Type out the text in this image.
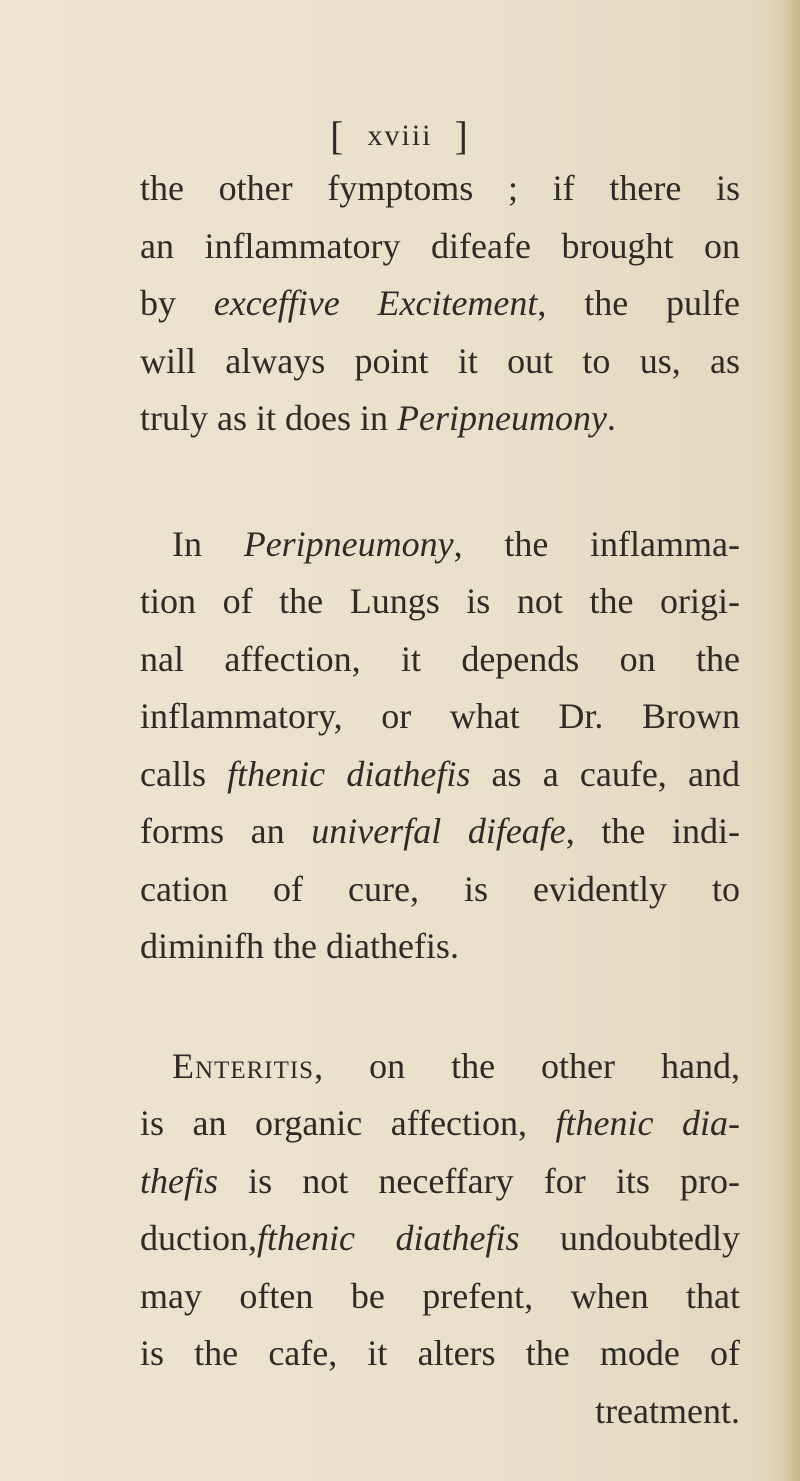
[ xviii ]
the other fymptoms ; if there is
an inflammatory difeafe brought on
by exceffive Excitement, the pulfe
will always point it out to us, as
truly as it does in Peripneumony.
In Peripneumony, the inflamma-
tion of the Lungs is not the origi-
nal affection, it depends on the
inflammatory, or what Dr. Brown
calls fthenic diathefis as a caufe, and
forms an univerfal difeafe, the indi-
cation of cure, is evidently to
diminifh the diathefis.
Enteritis, on the other hand,
is an organic affection, fthenic dia-
thefis is not neceffary for its pro-
duction,fthenic diathefis undoubtedly
may often be prefent, when that
is the cafe, it alters the mode of
treatment.
